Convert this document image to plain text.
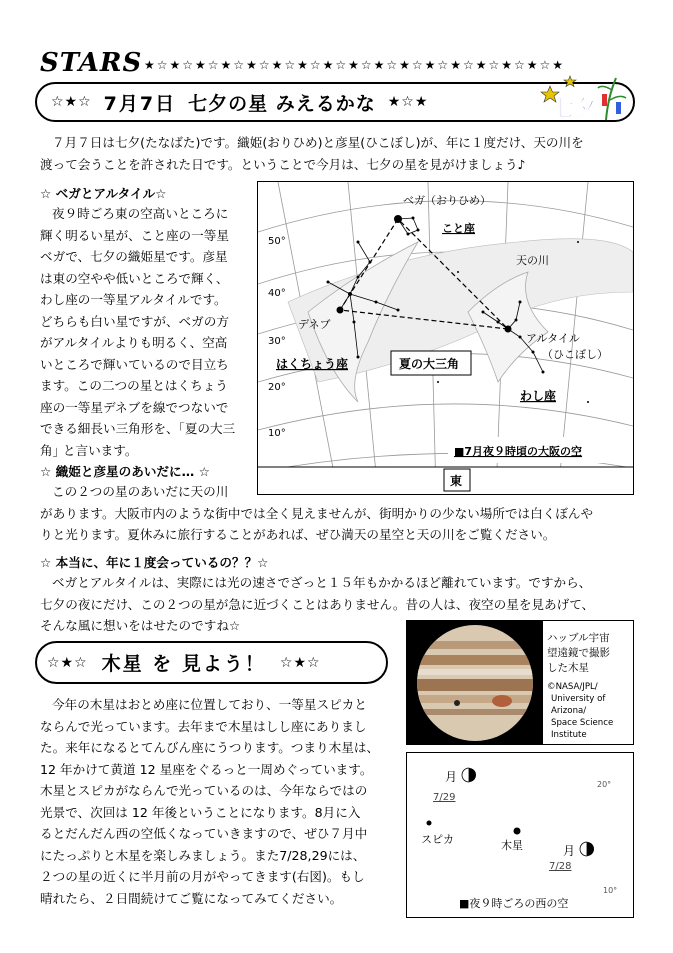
STARS ★☆★☆★☆★☆★☆★☆★☆★☆★☆★☆★☆★☆★☆★☆★☆★☆★
☆★☆ 7月7日 七夕の星 みえるかな ★☆★	七夕
７月７日は七夕(たなばた)です。織姫(おりひめ)と彦星(ひこぼし)が、年に１度だけ、天の川を
渡って会うことを許された日です。ということで今月は、七夕の星を見がけましょう♪
☆ ベガとアルタイル☆
夜９時ごろ東の空高いところに
輝く明るい星が、こと座の一等星
ベガで、七夕の織姫星です。彦星
は東の空やや低いところで輝く、
わし座の一等星アルタイルです。
どちらも白い星ですが、ベガの方
がアルタイルよりも明るく、空高
いところで輝いているので目立ち
ます。この二つの星とはくちょう
座の一等星デネブを線でつないで
できる細長い三角形を、｢夏の大三
角｣ と言います。
50°
40°
30°
20°
10°
ベガ（おりひめ）
こと座
天の川
デネブ
はくちょう座
アルタイル
（ひこぼし）
わし座
夏の大三角
■7月夜９時頃の大阪の空
東
☆ 織姫と彦星のあいだに… ☆
この２つの星のあいだに天の川
があります。大阪市内のような街中では全く見えませんが、街明かりの少ない場所では白くぼんや
りと光ります。夏休みに旅行することがあれば、ぜひ満天の星空と天の川をご覧ください。
☆ 本当に、年に１度会っているの？？☆
ベガとアルタイルは、実際には光の速さでざっと１５年もかかるほど離れています。ですから、
七夕の夜にだけ、この２つの星が急に近づくことはありません。昔の人は、夜空の星を見あげて、
そんな風に想いをはせたのですね☆
☆★☆ 木星 を 見よう！ ☆★☆
ハッブル宇宙
望遠鏡で撮影
した木星
©NASA/JPL/
University of
Arizona/
Space Science
Institute
今年の木星はおとめ座に位置しており、一等星スピカと
ならんで光っています。去年まで木星はしし座にありまし
た。来年になるとてんびん座にうつります。つまり木星は、
12 年かけて黄道 12 星座をぐるっと一周めぐっています。
木星とスピカがならんで光っているのは、今年ならではの
光景で、次回は 12 年後ということになります。8月に入
るとだんだん西の空低くなっていきますので、ぜひ７月中
にたっぷりと木星を楽しみましょう。また7/28,29には、
２つの星の近くに半月前の月がやってきます(右図)。もし
晴れたら、２日間続けてご覧になってみてください。
月
7/29
20°
スピカ	木星	月
7/28
10°
■夜９時ごろの西の空
